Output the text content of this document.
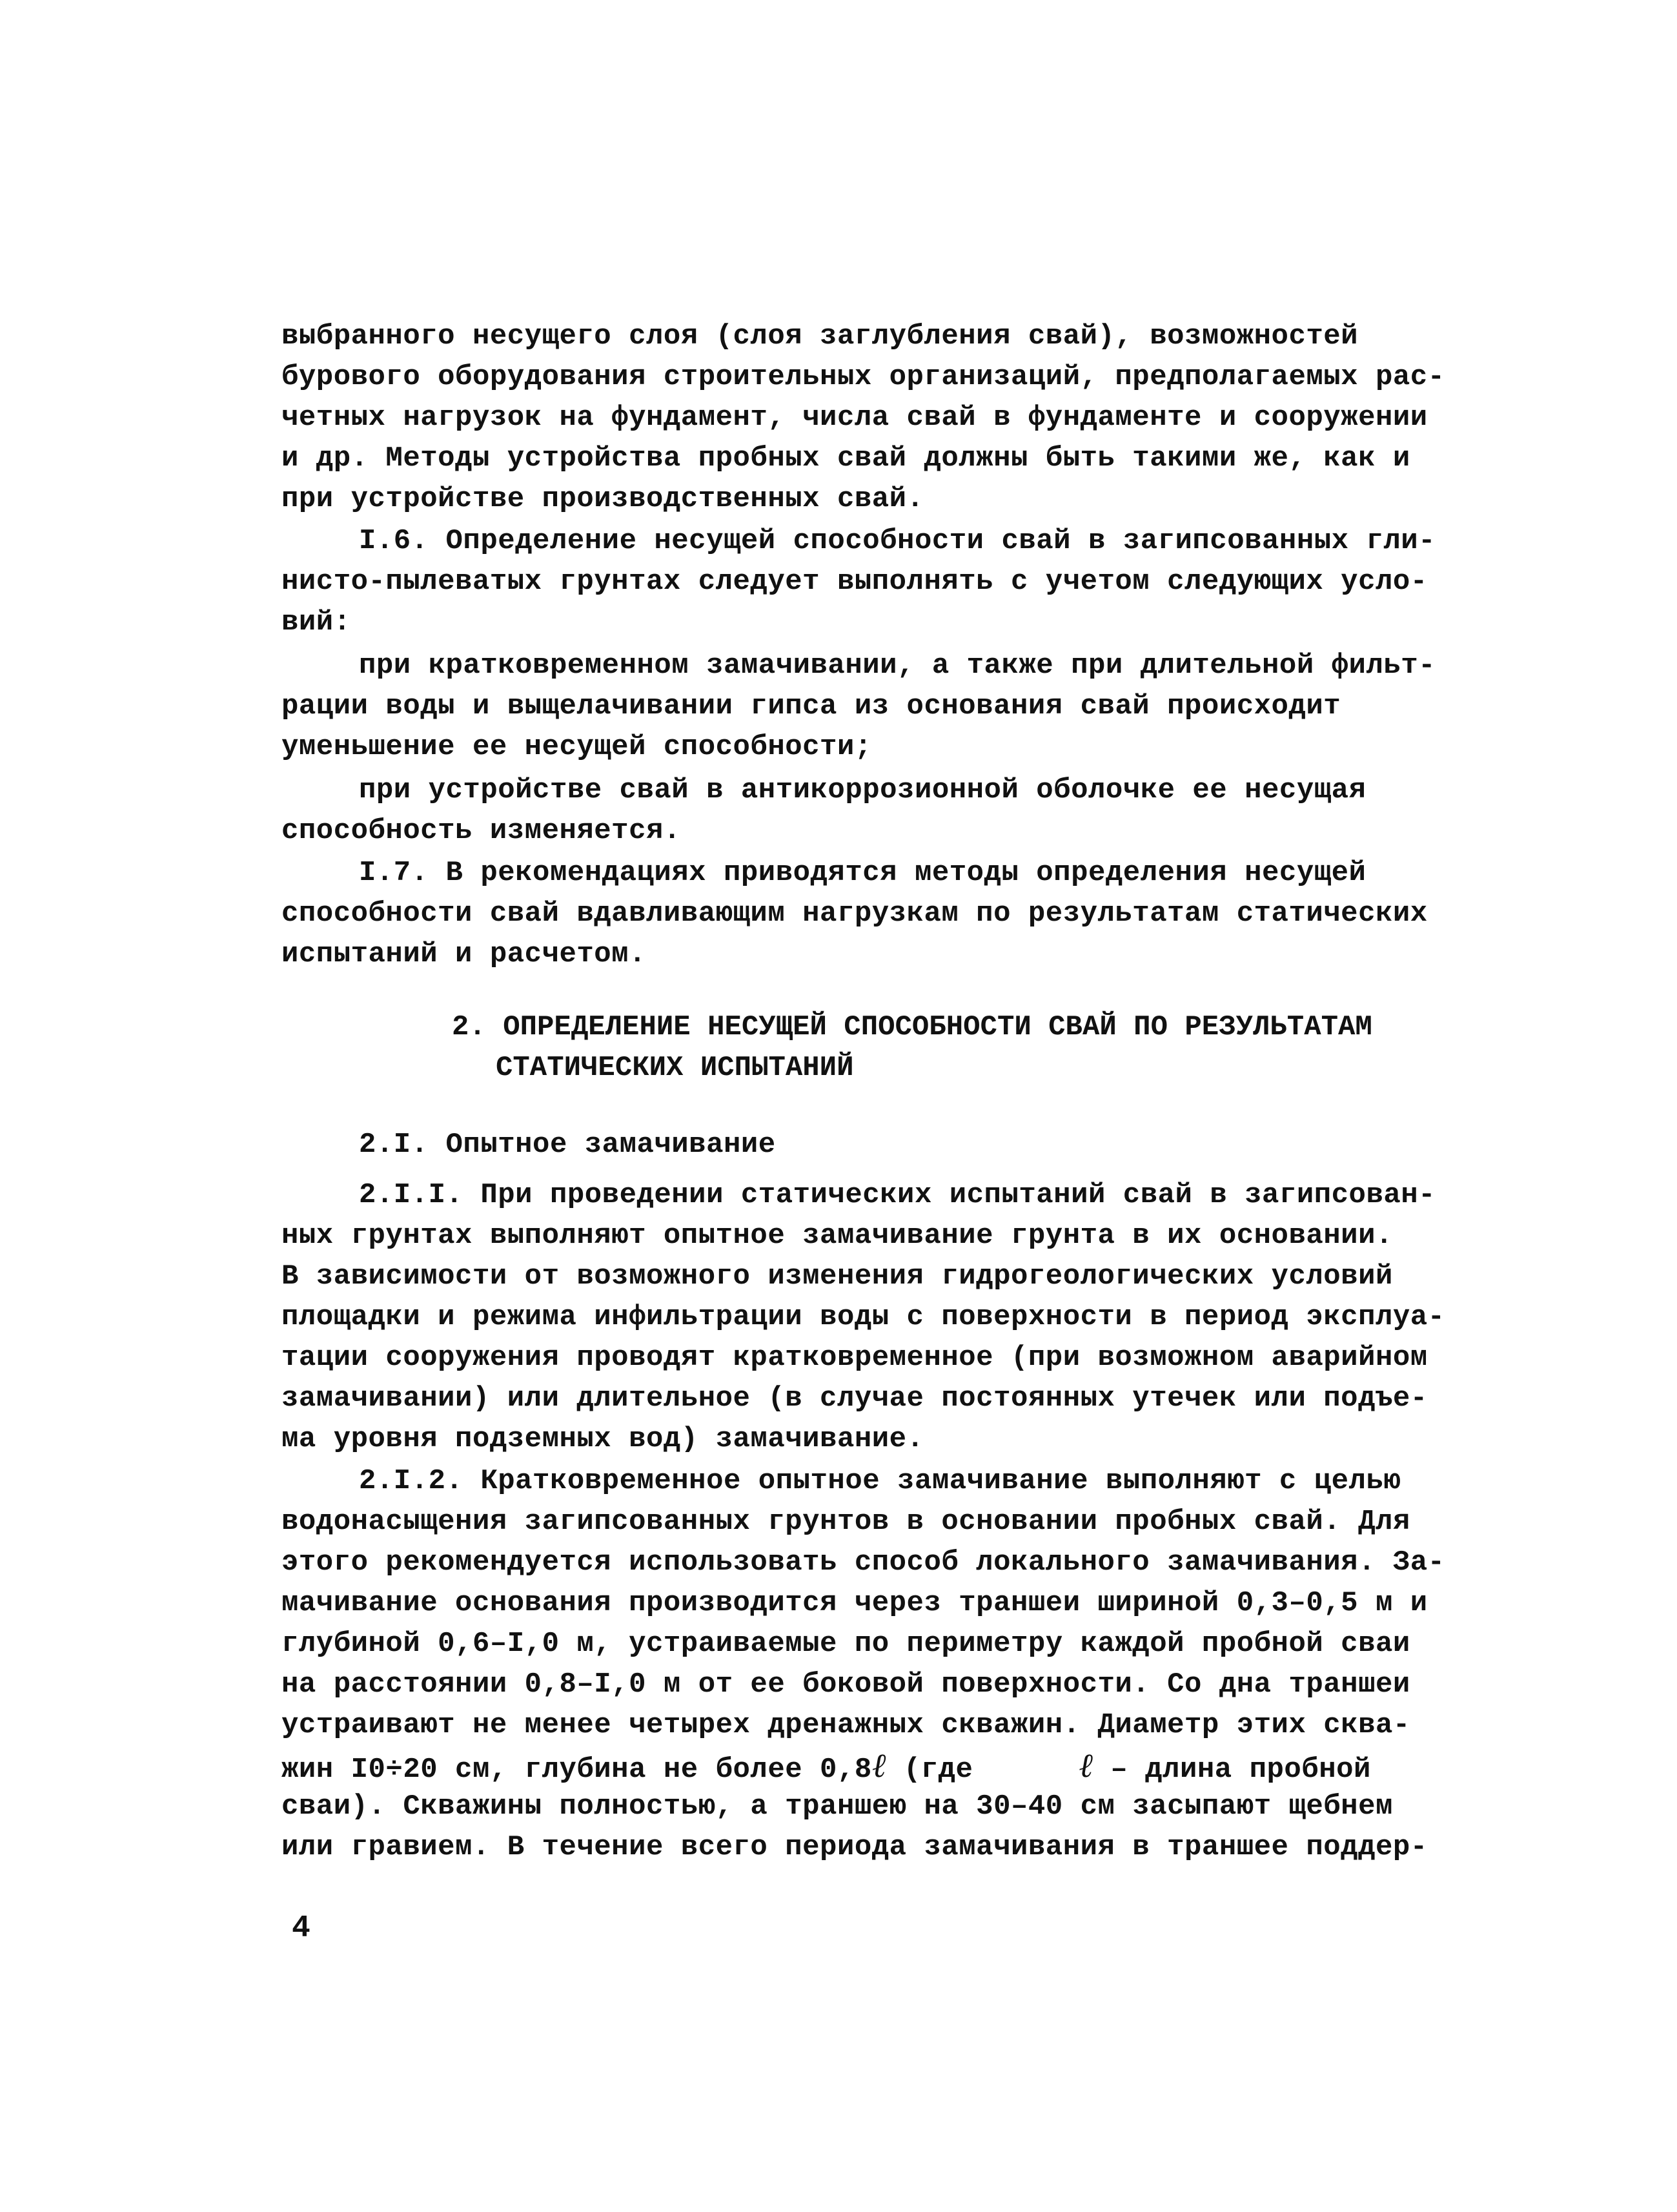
выбранного несущего слоя (слоя заглубления свай), возможностей
бурового оборудования строительных организаций, предполагаемых рас-
четных нагрузок на фундамент, числа свай в фундаменте и сооружении
и др. Методы устройства пробных свай должны быть такими же, как и
при устройстве производственных свай.
I.6. Определение несущей способности свай в загипсованных гли-
нисто-пылеватых грунтах следует выполнять с учетом следующих усло-
вий:
при кратковременном замачивании, а также при длительной фильт-
рации воды и выщелачивании гипса из основания свай происходит
уменьшение ее несущей способности;
при устройстве свай в антикоррозионной оболочке ее несущая
способность изменяется.
I.7. В рекомендациях приводятся методы определения несущей
способности свай вдавливающим нагрузкам по результатам статических
испытаний и расчетом.
2. ОПРЕДЕЛЕНИЕ НЕСУЩЕЙ СПОСОБНОСТИ СВАЙ ПО РЕЗУЛЬТАТАМ
СТАТИЧЕСКИХ ИСПЫТАНИЙ
2.I. Опытное замачивание
2.I.I. При проведении статических испытаний свай в загипсован-
ных грунтах выполняют опытное замачивание грунта в их основании.
В зависимости от возможного изменения гидрогеологических условий
площадки и режима инфильтрации воды с поверхности в период эксплуа-
тации сооружения проводят кратковременное (при возможном аварийном
замачивании) или длительное (в случае постоянных утечек или подъе-
ма уровня подземных вод) замачивание.
2.I.2. Кратковременное опытное замачивание выполняют с целью
водонасыщения загипсованных грунтов в основании пробных свай. Для
этого рекомендуется использовать способ локального замачивания. За-
мачивание основания производится через траншеи шириной 0,3–0,5 м и
глубиной 0,6–I,0 м, устраиваемые по периметру каждой пробной сваи
на расстоянии 0,8–I,0 м от ее боковой поверхности. Со дна траншеи
устраивают не менее четырех дренажных скважин. Диаметр этих сква-
жин I0÷20 см, глубина не более 0,8ℓ (где  ℓ – длина пробной
сваи). Скважины полностью, а траншею на 30–40 см засыпают щебнем
или гравием. В течение всего периода замачивания в траншее поддер-
4
